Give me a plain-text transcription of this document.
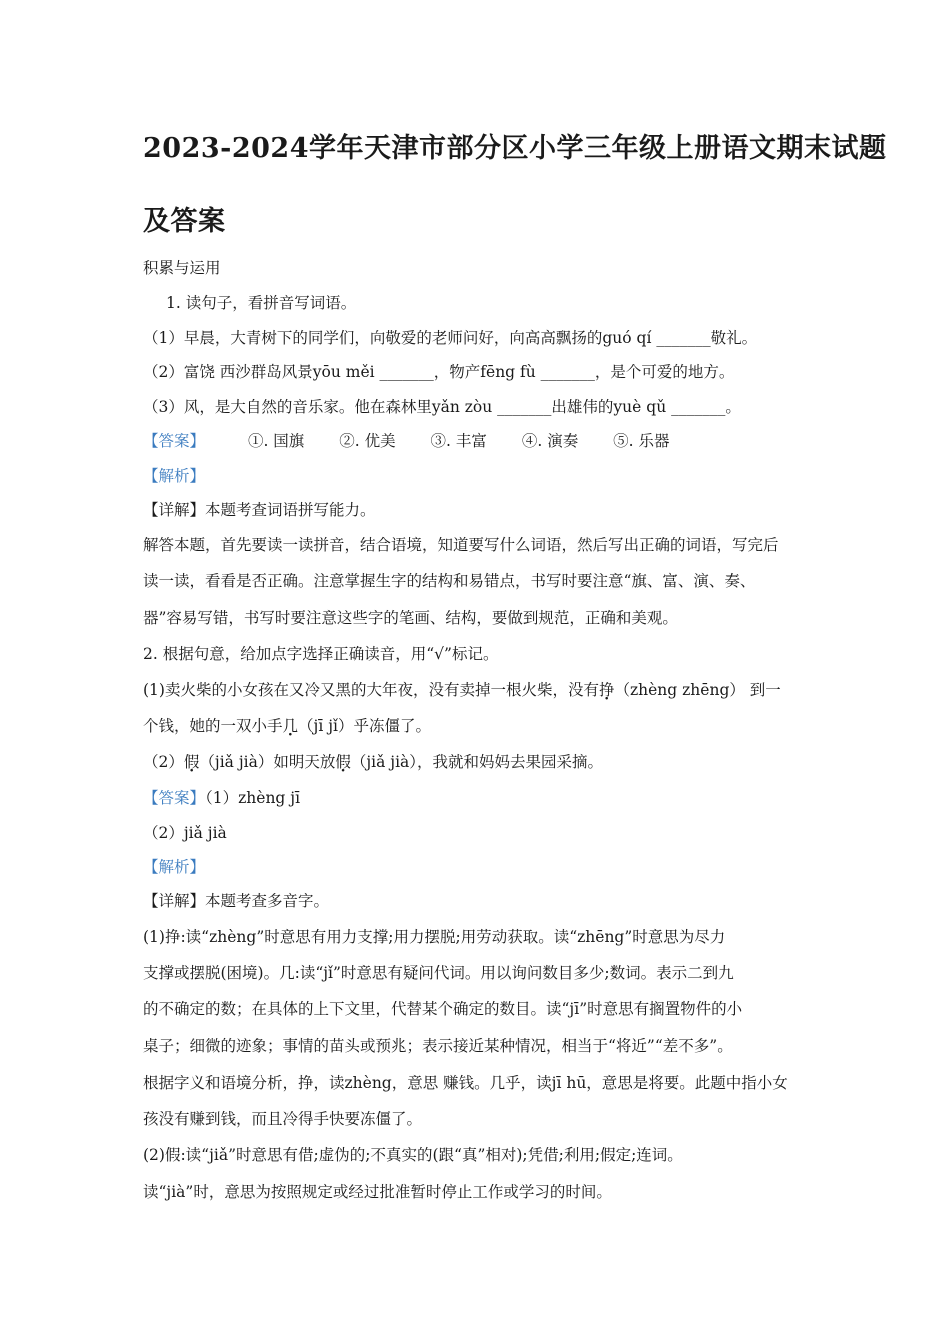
2023-2024学年天津市部分区小学三年级上册语文期末试题
及答案
积累与运用
1. 读句子，看拼音写词语。
（1）早晨，大青树下的同学们，向敬爱的老师问好，向高高飘扬的guó qí _______敬礼。
（2）富饶 西沙群岛风景yōu měi _______，物产fēng fù _______，是个可爱的地方。
（3）风，是大自然的音乐家。他在森林里yǎn zòu _______出雄伟的yuè qǔ _______。
【答案】	①. 国旗 ②. 优美 ③. 丰富 ④. 演奏 ⑤. 乐器
【解析】
【详解】本题考查词语拼写能力。
解答本题，首先要读一读拼音，结合语境，知道要写什么词语，然后写出正确的词语，写完后
读一读，看看是否正确。注意掌握生字的结构和易错点，书写时要注意“旗、富、演、奏、
器”容易写错，书写时要注意这些字的笔画、结构，要做到规范，正确和美观。
2. 根据句意，给加点字选择正确读音，用“√”标记。
(1)卖火柴的小女孩在又冷又黑的大年夜，没有卖掉一根火柴，没有挣（zhèng zhēng） 到一
个钱，她的一双小手几（jī jǐ）乎冻僵了。
（2）假（jiǎ jià）如明天放假（jiǎ jià），我就和妈妈去果园采摘。
【答案】（1）zhèng jī
（2）jiǎ jià
【解析】
【详解】本题考查多音字。
(1)挣:读“zhèng”时意思有用力支撑;用力摆脱;用劳动获取。读“zhēng”时意思为尽力
支撑或摆脱(困境)。几:读“jǐ”时意思有疑问代词。用以询问数目多少;数词。表示二到九
的不确定的数；在具体的上下文里，代替某个确定的数目。读“jī”时意思有搁置物件的小
桌子；细微的迹象；事情的苗头或预兆；表示接近某种情况，相当于“将近”“差不多”。
根据字义和语境分析，挣，读zhèng，意思 赚钱。几乎，读jī hū，意思是将要。此题中指小女
孩没有赚到钱，而且冷得手快要冻僵了。
(2)假:读“jiǎ”时意思有借;虚伪的;不真实的(跟“真”相对);凭借;利用;假定;连词。
读“jià”时，意思为按照规定或经过批准暂时停止工作或学习的时间。
